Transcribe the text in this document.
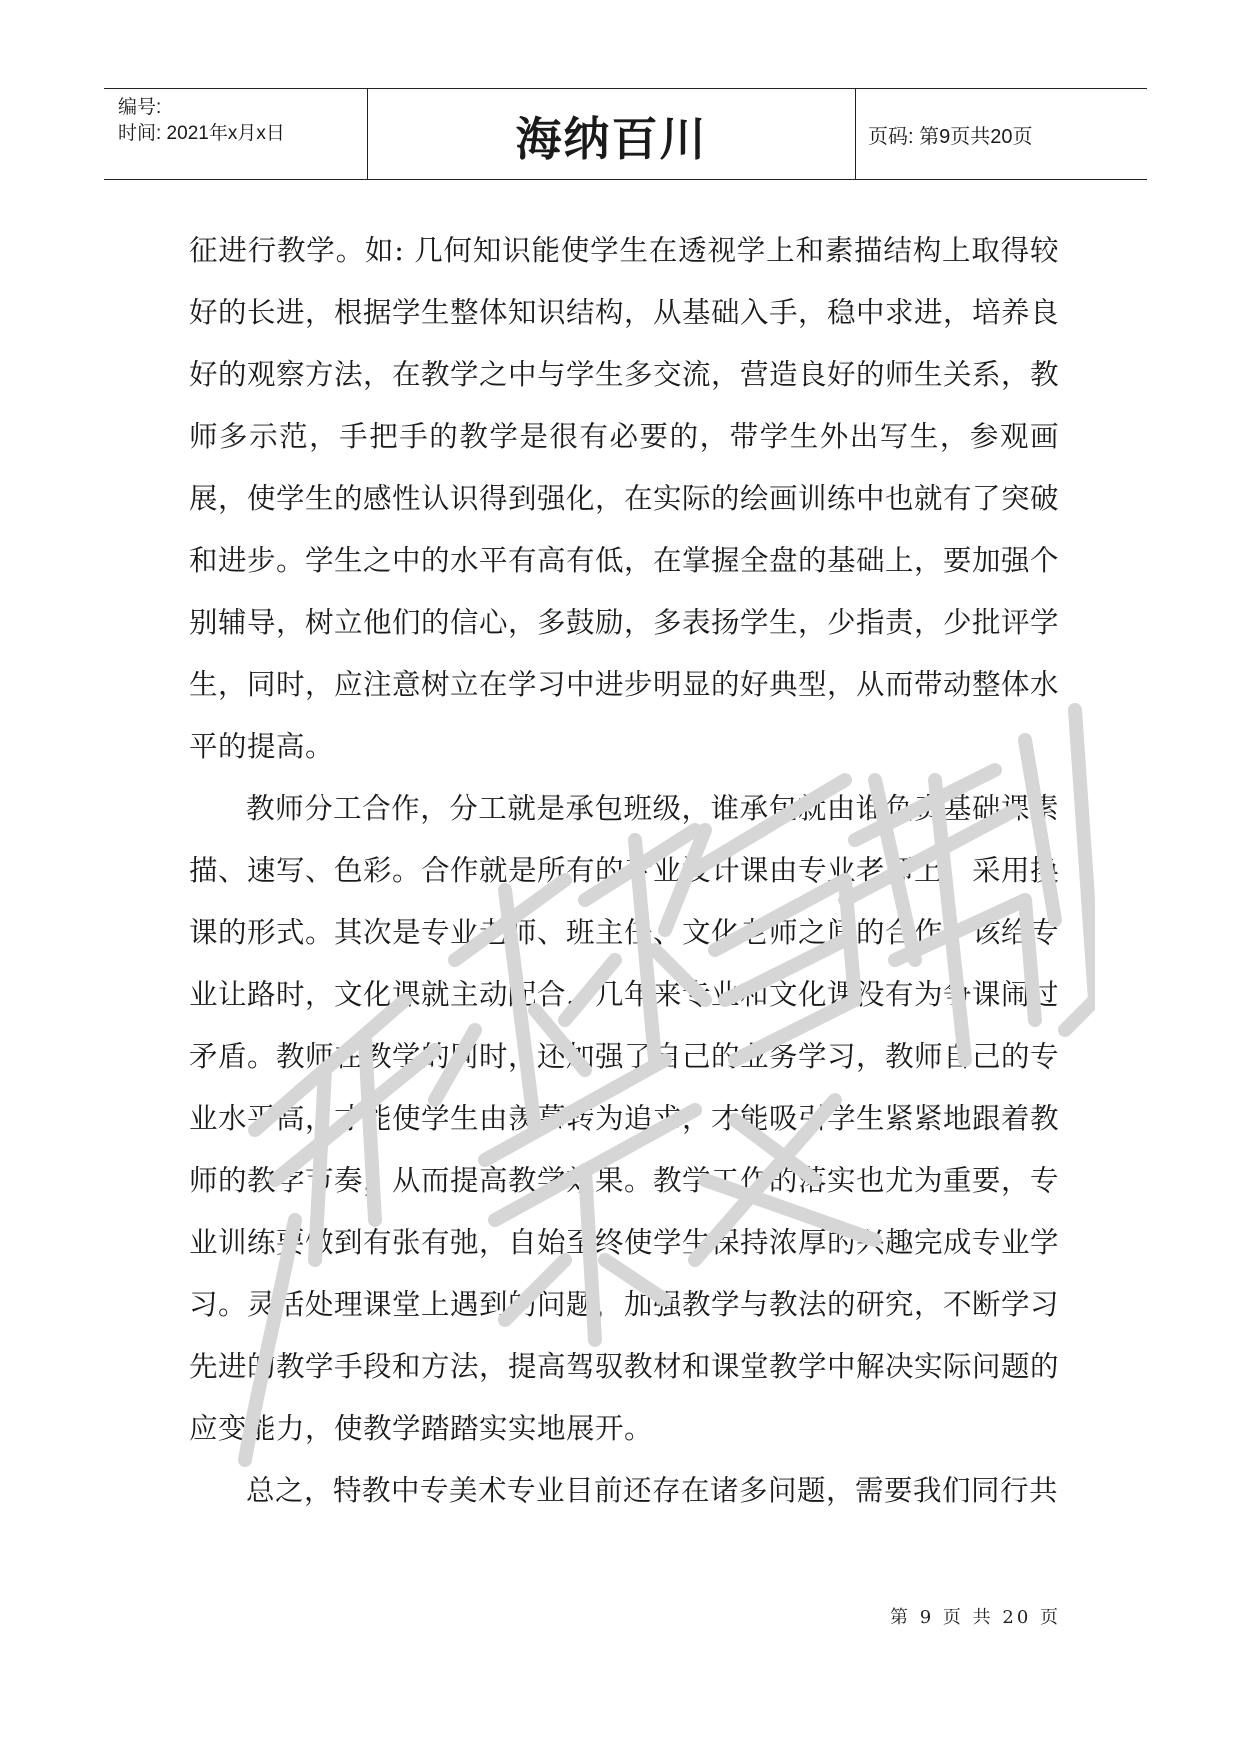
编号:
时间: 2021年x月x日	海纳百川	页码: 第9页共20页

征进行教学。如: 几何知识能使学生在透视学上和素描结构上取得较好的长进，根据学生整体知识结构，从基础入手，稳中求进，培养良好的观察方法，在教学之中与学生多交流，营造良好的师生关系，教师多示范，手把手的教学是很有必要的，带学生外出写生，参观画展，使学生的感性认识得到强化，在实际的绘画训练中也就有了突破和进步。学生之中的水平有高有低，在掌握全盘的基础上，要加强个别辅导，树立他们的信心，多鼓励，多表扬学生，少指责，少批评学生，同时，应注意树立在学习中进步明显的好典型，从而带动整体水平的提高。

教师分工合作，分工就是承包班级，谁承包就由谁负责基础课素描、速写、色彩。合作就是所有的专业设计课由专业老师上，采用换课的形式。其次是专业老师、班主任、文化老师之间的合作。该给专业让路时，文化课就主动配合，几年来专业和文化课没有为争课闹过矛盾。教师在教学的同时，还加强了自己的业务学习，教师自己的专业水平高，才能使学生由羡慕转为追求，才能吸引学生紧紧地跟着教师的教学节奏，从而提高教学效果。教学工作的落实也尤为重要，专业训练要做到有张有弛，自始至终使学生保持浓厚的兴趣完成专业学习。灵活处理课堂上遇到的问题，加强教学与教法的研究，不断学习先进的教学手段和方法，提高驾驭教材和课堂教学中解决实际问题的应变能力，使教学踏踏实实地展开。

总之，特教中专美术专业目前还存在诸多问题，需要我们同行共

第 9 页 共 20 页
